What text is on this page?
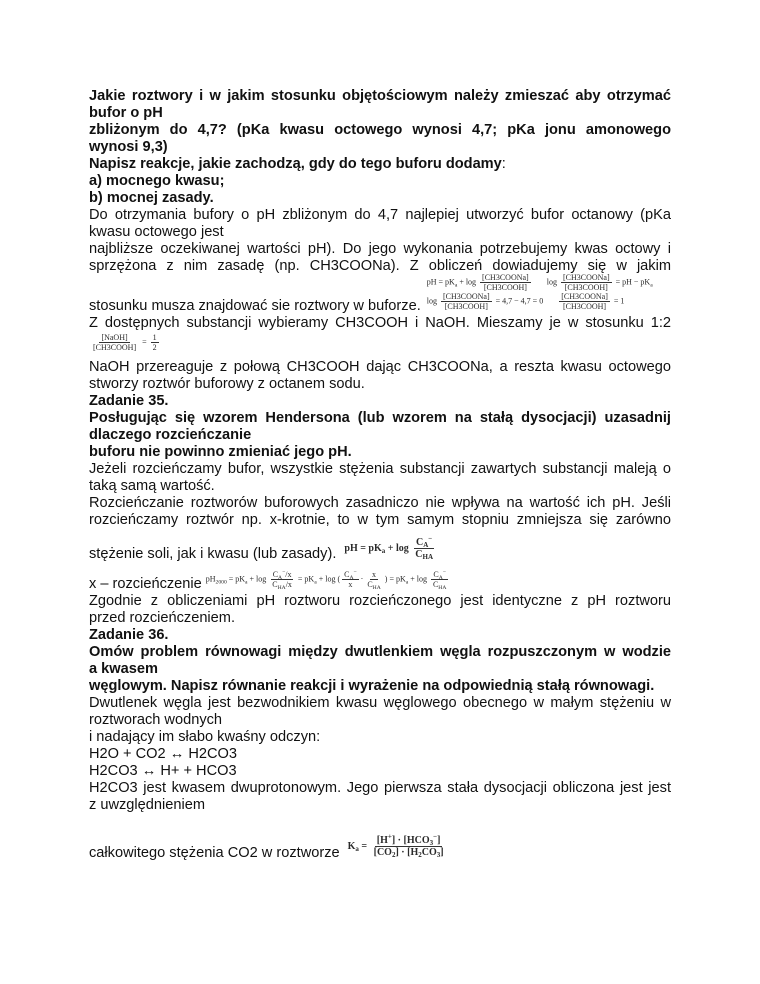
Jakie roztwory i w jakim stosunku objętościowym należy zmieszać aby otrzymać

bufor o pH

zbliżonym do 4,7? (pKa kwasu octowego wynosi 4,7; pKa jonu amonowego

wynosi 9,3)

Napisz reakcje, jakie zachodzą, gdy do tego buforu dodamy:

a) mocnego kwasu;

b) mocnej zasady.

Do otrzymania bufory o pH zbliżonym do 4,7 najlepiej utworzyć bufor octanowy (pKa

kwasu octowego jest

najbliższe oczekiwanej wartości pH). Do jego wykonania potrzebujemy kwas octowy i

sprzężona z nim zasadę (np. CH3COONa). Z obliczeń dowiadujemy się w jakim

stosunku musza znajdować sie roztwory w buforze.

pH = $pK_a + \log \frac{\text{[CH3COONa]}}{\text{[CH3COOH]}}$ $\log \frac{\text{[CH3COONa]}}{\text{[CH3COOH]}}$ = pH − $pK_a$
$\log \frac{\text{[CH3COONa]}}{\text{[CH3COOH]}} = 4,7 - 4,7 = 0 \frac{\text{[CH3COONa]}}{\text{[CH3COOH]}} = 1$

Z dostępnych substancji wybieramy CH3COOH i NaOH. Mieszamy je w stosunku 1:2

$\frac{\text{[NaOH]}}{\text{[CH3COOH]}} = \frac{1}{2}$

NaOH przereaguje z połową CH3COOH dając CH3COONa, a reszta kwasu octowego

stworzy roztwór buforowy z octanem sodu.

Zadanie 35.

Posługując się wzorem Hendersona (lub wzorem na stałą dysocjacji) uzasadnij

dlaczego rozcieńczanie

buforu nie powinno zmieniać jego pH.

Jeżeli rozcieńczamy bufor, wszystkie stężenia substancji zawartych substancji maleją o

taką samą wartość.

Rozcieńczanie roztworów buforowych zasadniczo nie wpływa na wartość ich pH. Jeśli

rozcieńczamy roztwór np. x-krotnie, to w tym samym stopniu zmniejsza się zarówno

stężenie soli, jak i kwasu (lub zasady). pH = $pK_a + \log \frac{C_A^-}{C_{HA}}$

x – rozcieńczenie $pH_{2000} = pK_a + \log \frac{C_A^-/x}{C_{HA}/x} = pK_a + \log$ ( $\frac{C_A^-}{x} \cdot \frac{x}{C_{HA}}$ ) = $pK_a + \log \frac{C_A^-}{C_{HA}}$

Zgodnie z obliczeniami pH roztworu rozcieńczonego jest identyczne z pH roztworu

przed rozcieńczeniem.

Zadanie 36.

Omów problem równowagi między dwutlenkiem węgla rozpuszczonym w wodzie

a kwasem

węglowym. Napisz równanie reakcji i wyrażenie na odpowiednią stałą równowagi.

Dwutlenek węgla jest bezwodnikiem kwasu węglowego obecnego w małym stężeniu w

roztworach wodnych

i nadający im słabo kwaśny odczyn:

H2O + CO2 ↔ H2CO3

H2CO3 ↔ H+ + HCO3

H2CO3 jest kwasem dwuprotonowym. Jego pierwsza stała dysocjacji obliczona jest jest

z uwzględnieniem

całkowitego stężenia CO2 w roztworze $K_a = \frac{[H^+] \cdot [HCO_3^-]}{[CO_2] \cdot [H_2CO_3]}$
